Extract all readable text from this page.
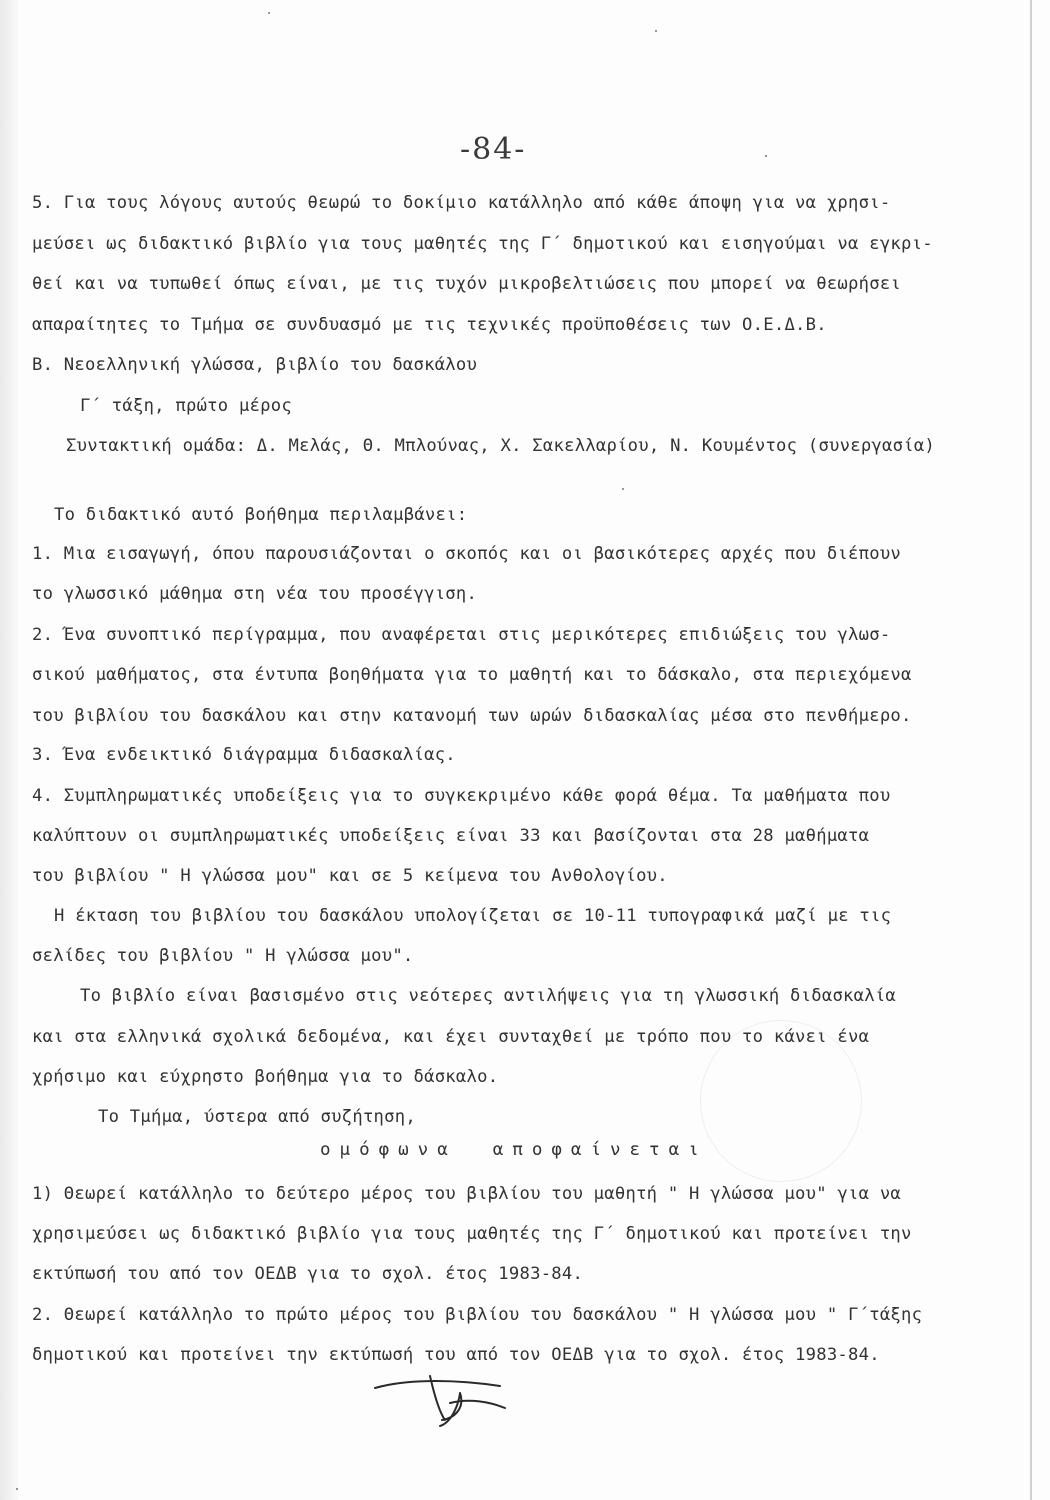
-84-
5. Για τους λόγους αυτούς θεωρώ το δοκίμιο κατάλληλο από κάθε άποψη για να χρησι-
μεύσει ως διδακτικό βιβλίο για τους μαθητές της Γ΄ δημοτικού και εισηγούμαι να εγκρι-
θεί και να τυπωθεί όπως είναι, με τις τυχόν μικροβελτιώσεις που μπορεί να θεωρήσει
απαραίτητες το Τμήμα σε συνδυασμό με τις τεχνικές προϋποθέσεις των Ο.Ε.Δ.Β.
Β. Νεοελληνική γλώσσα, βιβλίο του δασκάλου
Γ΄ τάξη, πρώτο μέρος
Συντακτική ομάδα: Δ. Μελάς, Θ. Μπλούνας, Χ. Σακελλαρίου, Ν. Κουμέντος (συνεργασία)
Το διδακτικό αυτό βοήθημα περιλαμβάνει:
1. Μια εισαγωγή, όπου παρουσιάζονται ο σκοπός και οι βασικότερες αρχές που διέπουν
το γλωσσικό μάθημα στη νέα του προσέγγιση.
2. Ένα συνοπτικό περίγραμμα, που αναφέρεται στις μερικότερες επιδιώξεις του γλωσ-
σικού μαθήματος, στα έντυπα βοηθήματα για το μαθητή και το δάσκαλο, στα περιεχόμενα
του βιβλίου του δασκάλου και στην κατανομή των ωρών διδασκαλίας μέσα στο πενθήμερο.
3. Ένα ενδεικτικό διάγραμμα διδασκαλίας.
4. Συμπληρωματικές υποδείξεις για το συγκεκριμένο κάθε φορά θέμα. Τα μαθήματα που
καλύπτουν οι συμπληρωματικές υποδείξεις είναι 33 και βασίζονται στα 28 μαθήματα
του βιβλίου " Η γλώσσα μου" και σε 5 κείμενα του Ανθολογίου.
Η έκταση του βιβλίου του δασκάλου υπολογίζεται σε 10-11 τυπογραφικά μαζί με τις
σελίδες του βιβλίου " Η γλώσσα μου".
Το βιβλίο είναι βασισμένο στις νεότερες αντιλήψεις για τη γλωσσική διδασκαλία
και στα ελληνικά σχολικά δεδομένα, και έχει συνταχθεί με τρόπο που το κάνει ένα
χρήσιμο και εύχρηστο βοήθημα για το δάσκαλο.
Το Τμήμα, ύστερα από συζήτηση,
ομόφωνα αποφαίνεται
1) Θεωρεί κατάλληλο το δεύτερο μέρος του βιβλίου του μαθητή " Η γλώσσα μου" για να
χρησιμεύσει ως διδακτικό βιβλίο για τους μαθητές της Γ΄ δημοτικού και προτείνει την
εκτύπωσή του από τον ΟΕΔΒ για το σχολ. έτος 1983-84.
2. Θεωρεί κατάλληλο το πρώτο μέρος του βιβλίου του δασκάλου " Η γλώσσα μου " Γ΄τάξης
δημοτικού και προτείνει την εκτύπωσή του από τον ΟΕΔΒ για το σχολ. έτος 1983-84.
